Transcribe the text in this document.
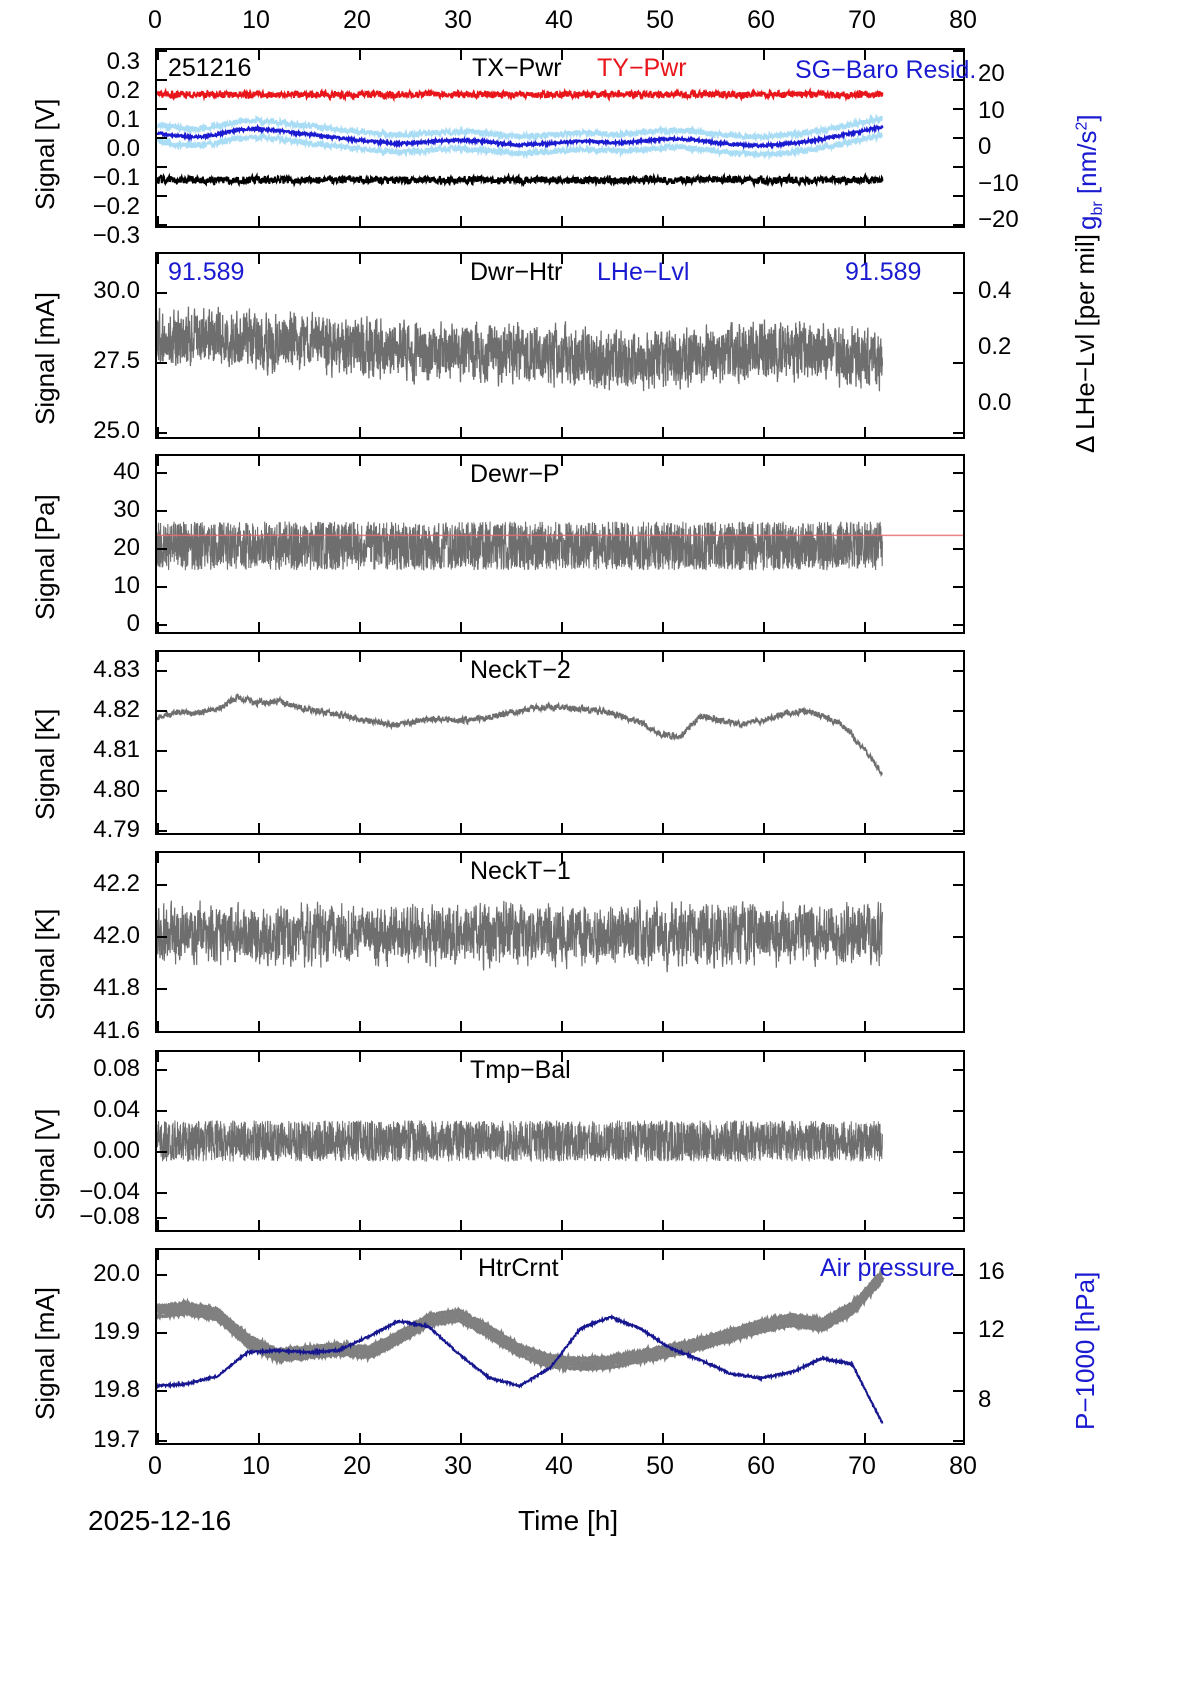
0	10	20	30	40	50	60	70	80
251216	TX−Pwr TY−Pwr	SG−Baro Resid.
0.3
0.2
0.1
0.0
−0.1
−0.2
−0.3
Signal [V]
20
10
0
−10
−20 $g_{br}$ $[nm/s^2]$
91.589	91.589
Dwr−Htr LHe−Lvl
30.0
27.5
25.0
Signal [mA]
0.4
0.2
0.0 Δ LHe−Lvl [per mil]
Dewr−P
40
30
20
10
0
Signal [Pa]
NeckT−2
4.83
4.82
4.81
4.80
4.79
Signal [K]
NeckT−1
42.2
42.0
41.8
41.6
Signal [K]
Tmp−Bal
0.08
0.04
0.00
−0.04
−0.08
Signal [V]
HtrCrnt	Air pressure
20.0
19.9
19.8
19.7
Signal [mA]
16
12
8	P−1000 [hPa]
0	10	20	30	40	50	60	70	80
Time [h]
2025-12-16
